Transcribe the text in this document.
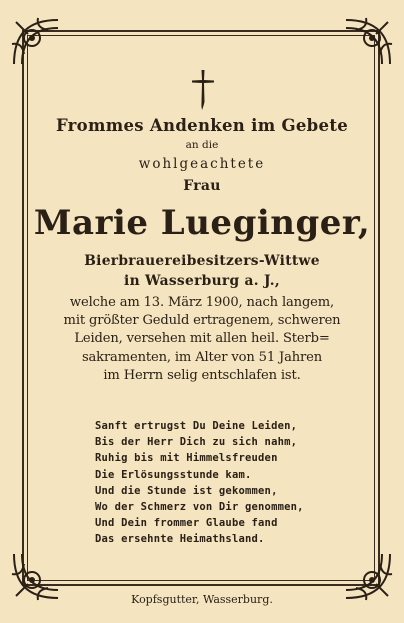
Frommes Andenken im Gebete
an die
wohlgeachtete
Frau
Marie Lueginger,
Bierbrauereibesitzers-Wittwe
in Wasserburg a. J.,
welche am 13. März 1900, nach langem,
mit größter Geduld ertragenem, schweren
Leiden, versehen mit allen heil. Sterb=
sakramenten, im Alter von 51 Jahren
im Herrn selig entschlafen ist.
Sanft ertrugst Du Deine Leiden,
Bis der Herr Dich zu sich nahm,
Ruhig bis mit Himmelsfreuden
Die Erlösungsstunde kam.
Und die Stunde ist gekommen,
Wo der Schmerz von Dir genommen,
Und Dein frommer Glaube fand
Das ersehnte Heimathsland.
Kopfsgutter, Wasserburg.
